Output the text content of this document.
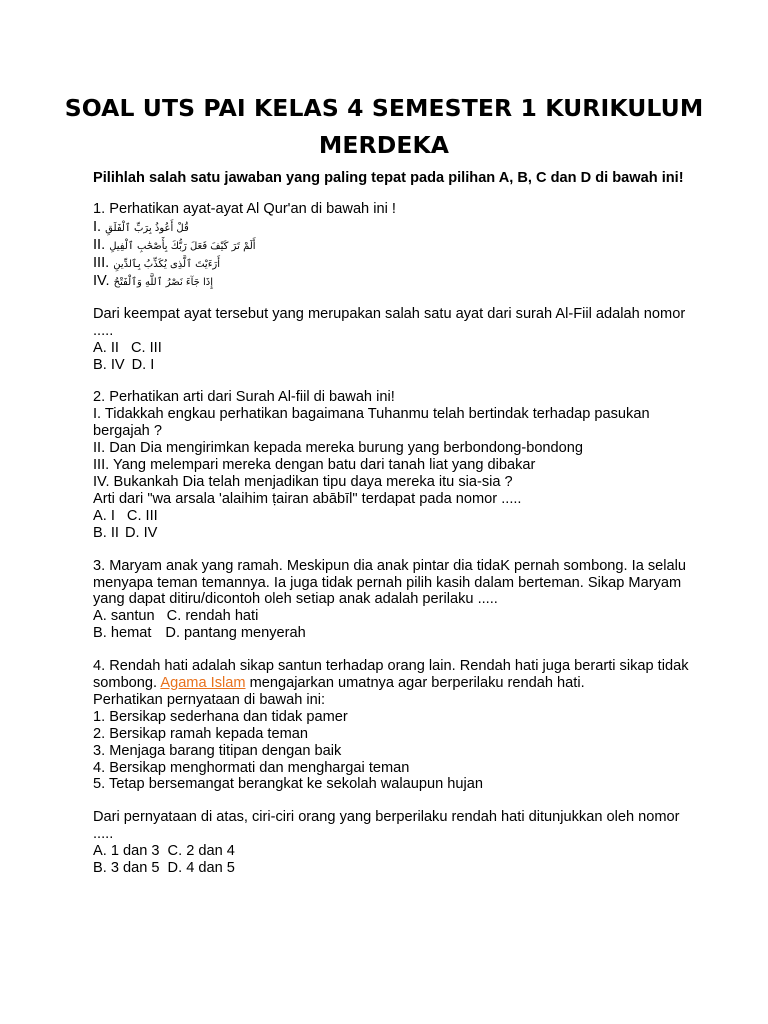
SOAL UTS PAI KELAS 4 SEMESTER 1 KURIKULUM MERDEKA
Pilihlah salah satu jawaban yang paling tepat pada pilihan A, B, C dan D di bawah ini!
1. Perhatikan ayat-ayat Al Qur'an di bawah ini !
I. قُلْ أَعُوذُ بِرَبِّ ٱلْفَلَقِ
II. أَلَمْ تَرَ كَيْفَ فَعَلَ رَبُّكَ بِأَصْحَٰبِ ٱلْفِيلِ
III. أَرَءَيْتَ ٱلَّذِى يُكَذِّبُ بِٱلدِّينِ
IV. إِذَا جَآءَ نَصْرُ ٱللَّهِ وَٱلْفَتْحُ
Dari keempat ayat tersebut yang merupakan salah satu ayat dari surah Al-Fiil adalah nomor .....
A. II C. III
B. IV D. I
2. Perhatikan arti dari Surah Al-fiil di bawah ini!
I. Tidakkah engkau perhatikan bagaimana Tuhanmu telah bertindak terhadap pasukan bergajah ?
II. Dan Dia mengirimkan kepada mereka burung yang berbondong-bondong
III. Yang melempari mereka dengan batu dari tanah liat yang dibakar
IV. Bukankah Dia telah menjadikan tipu daya mereka itu sia-sia ?
Arti dari "wa arsala 'alaihim ṭairan abābīl" terdapat pada nomor .....
A. I C. III
B. II D. IV
3. Maryam anak yang ramah. Meskipun dia anak pintar dia tidaK pernah sombong. Ia selalu menyapa teman temannya. Ia juga tidak pernah pilih kasih dalam berteman. Sikap Maryam yang dapat ditiru/dicontoh oleh setiap anak adalah perilaku .....
A. santun C. rendah hati
B. hemat D. pantang menyerah
4. Rendah hati adalah sikap santun terhadap orang lain. Rendah hati juga berarti sikap tidak sombong. Agama Islam mengajarkan umatnya agar berperilaku rendah hati.
Perhatikan pernyataan di bawah ini:
1. Bersikap sederhana dan tidak pamer
2. Bersikap ramah kepada teman
3. Menjaga barang titipan dengan baik
4. Bersikap menghormati dan menghargai teman
5. Tetap bersemangat berangkat ke sekolah walaupun hujan
Dari pernyataan di atas, ciri-ciri orang yang berperilaku rendah hati ditunjukkan oleh nomor .....
A. 1 dan 3 C. 2 dan 4
B. 3 dan 5 D. 4 dan 5
